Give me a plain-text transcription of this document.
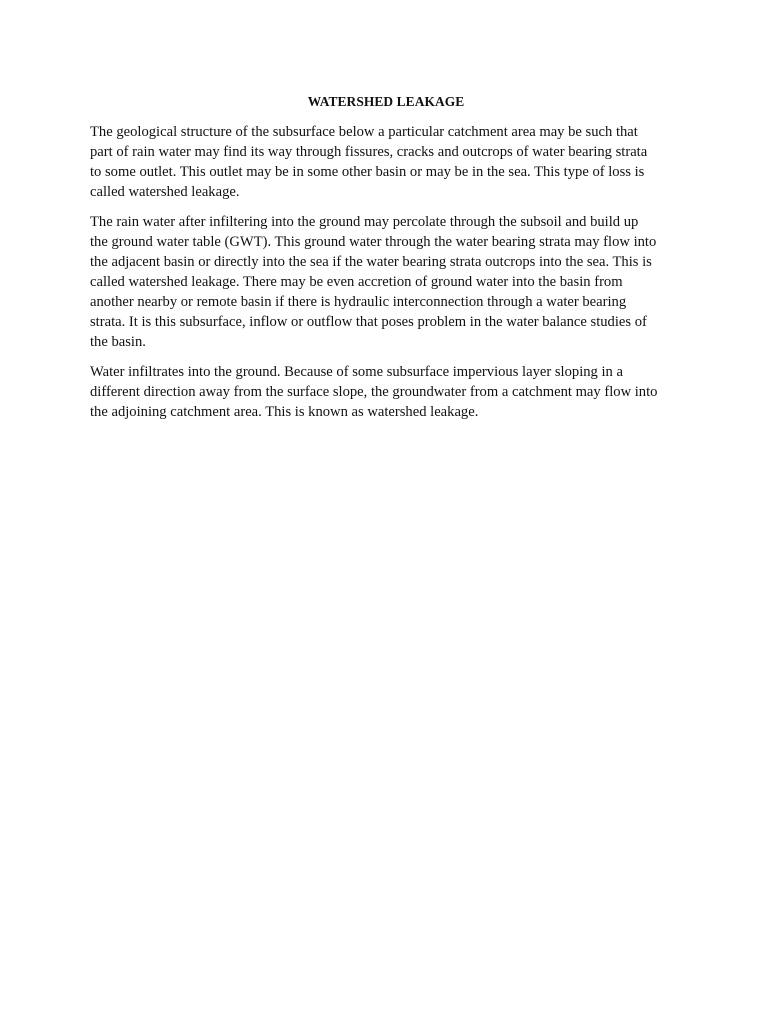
WATERSHED LEAKAGE

The geological structure of the subsurface below a particular catchment area may be such that
part of rain water may find its way through fissures, cracks and outcrops of water bearing strata
to some outlet. This outlet may be in some other basin or may be in the sea. This type of loss is
called watershed leakage.

The rain water after infiltering into the ground may percolate through the subsoil and build up
the ground water table (GWT). This ground water through the water bearing strata may flow into
the adjacent basin or directly into the sea if the water bearing strata outcrops into the sea. This is
called watershed leakage. There may be even accretion of ground water into the basin from
another nearby or remote basin if there is hydraulic interconnection through a water bearing
strata. It is this subsurface, inflow or outflow that poses problem in the water balance studies of
the basin.

Water infiltrates into the ground. Because of some subsurface impervious layer sloping in a
different direction away from the surface slope, the groundwater from a catchment may flow into
the adjoining catchment area. This is known as watershed leakage.
